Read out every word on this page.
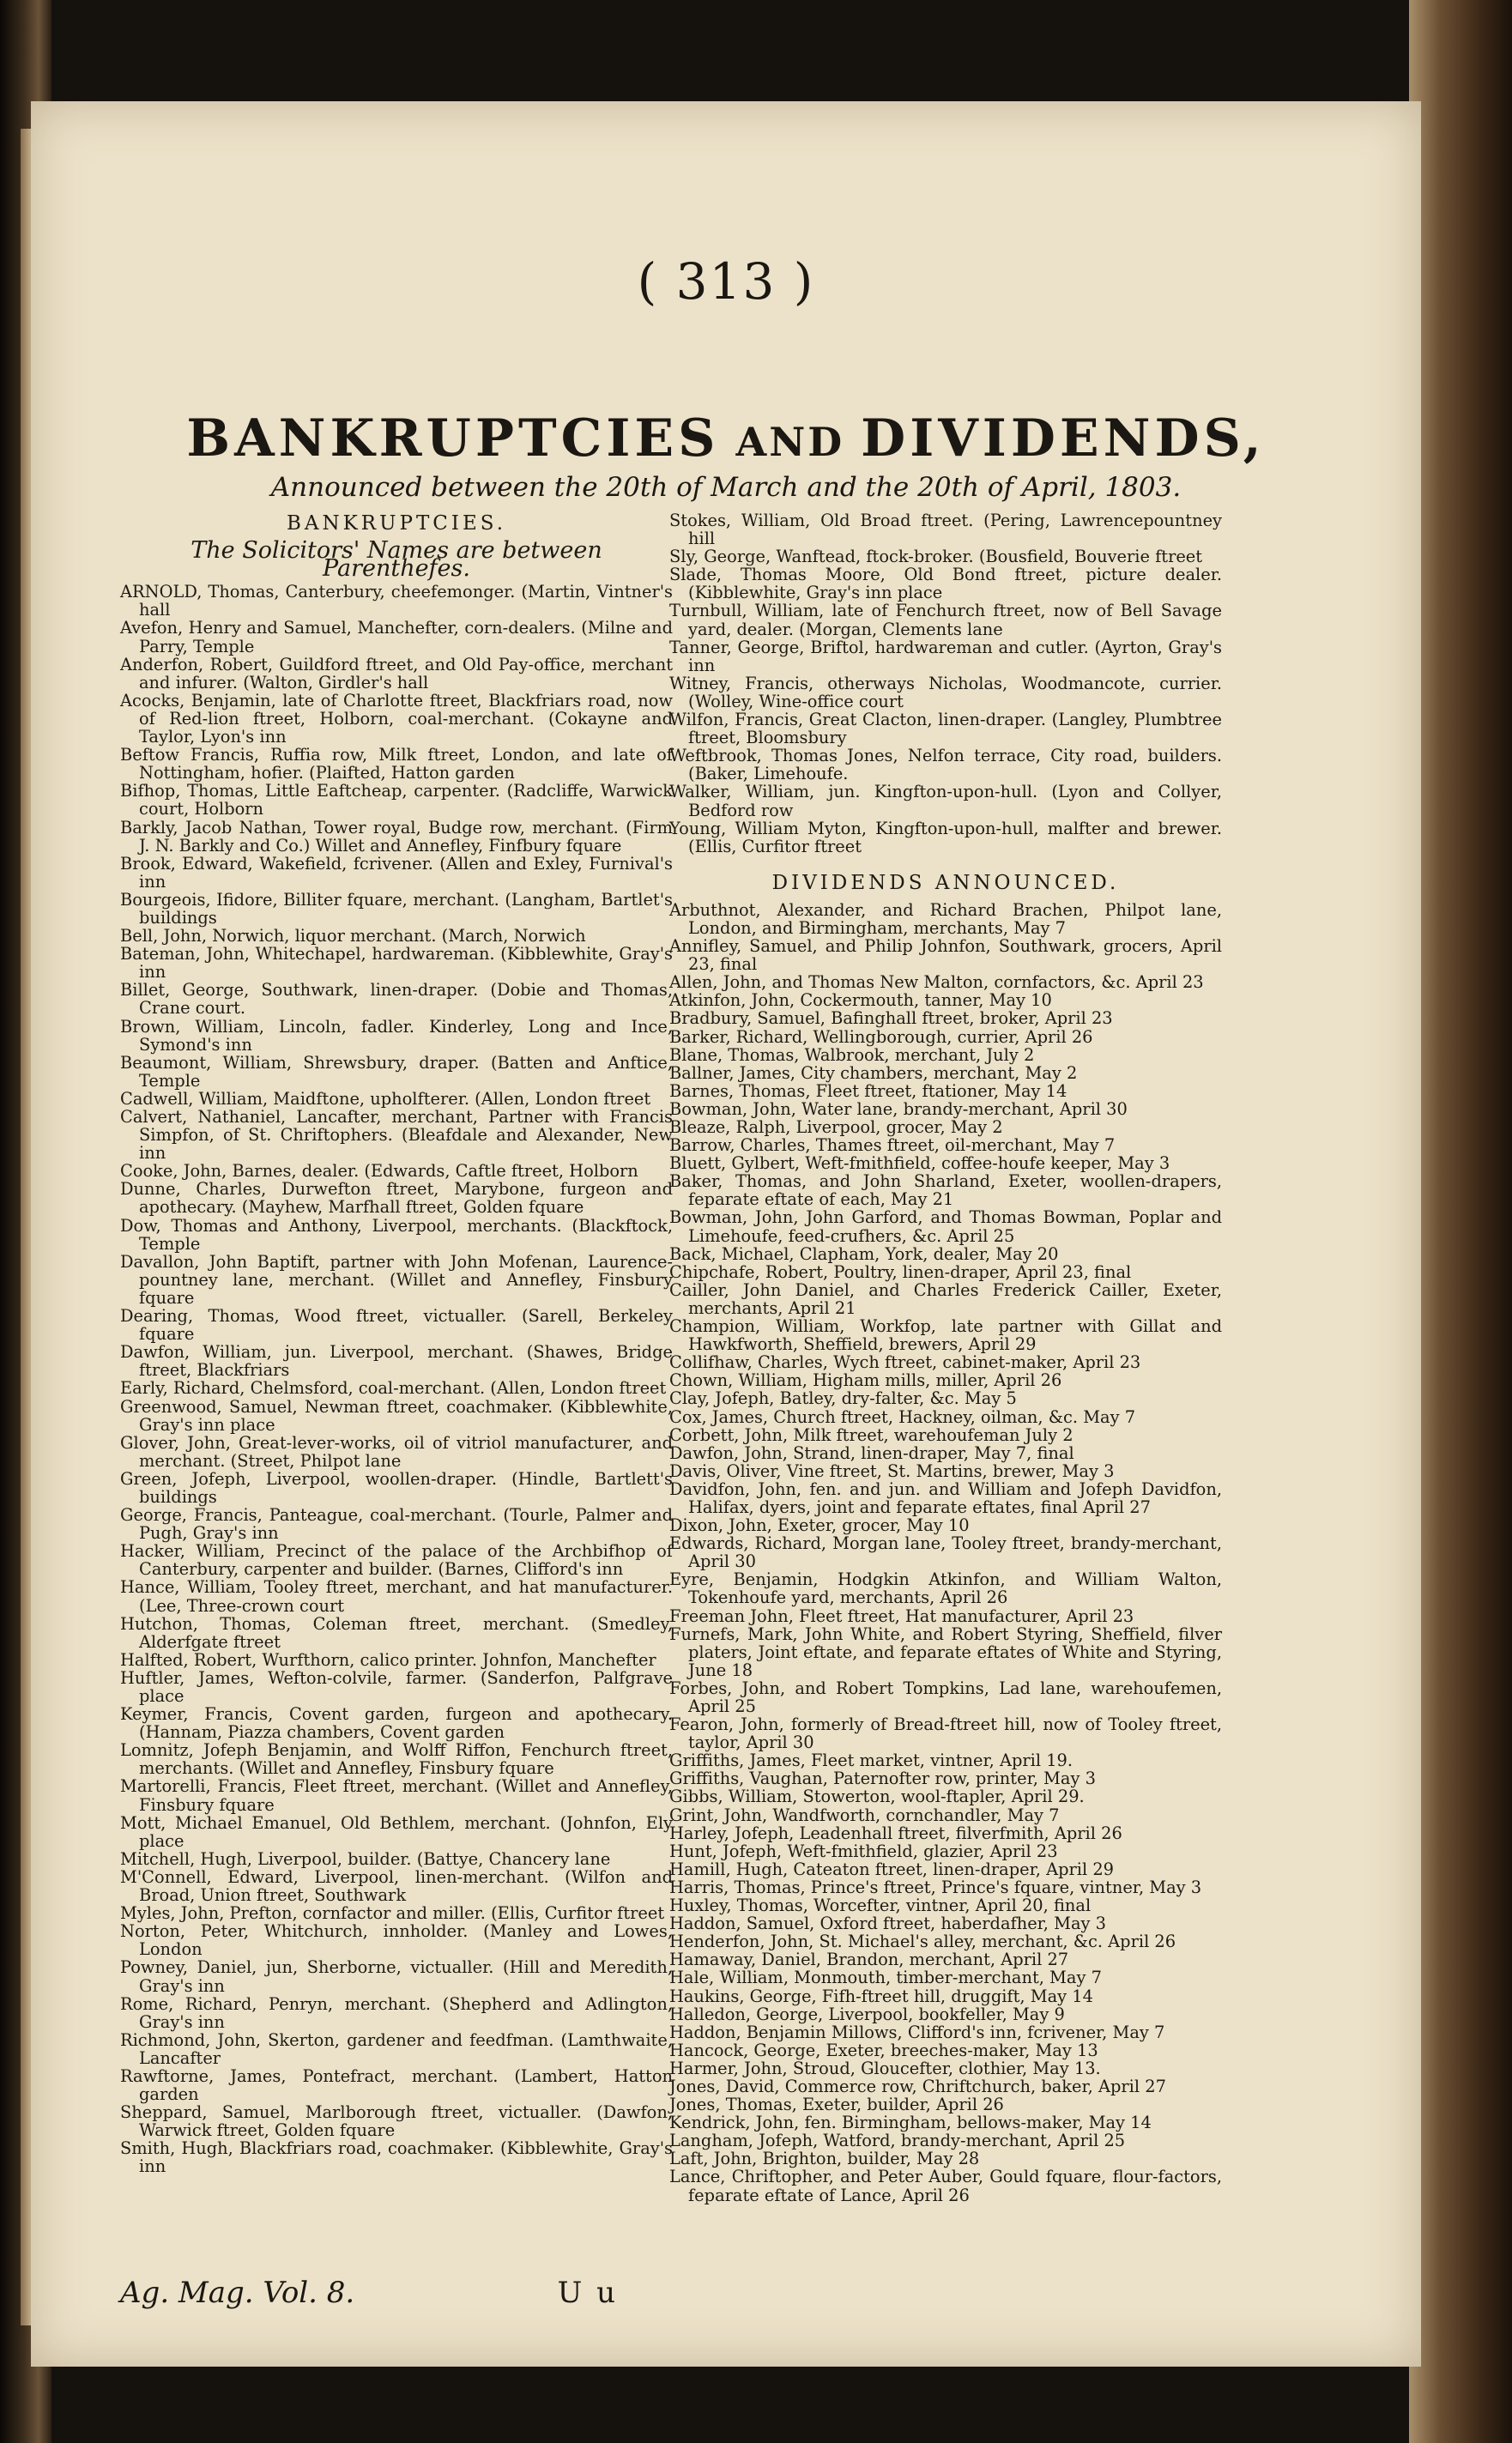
( 313 )
BANKRUPTCIES AND DIVIDENDS,
Announced between the 20th of March and the 20th of April, 1803.
BANKRUPTCIES.
The Solicitors' Names are between Parenthefes.
ARNOLD, Thomas, Canterbury, cheefemonger. (Martin, Vintner's hall
Avefon, Henry and Samuel, Manchefter, corn-dealers. (Milne and Parry, Temple
Anderfon, Robert, Guildford ftreet, and Old Pay-office, merchant and infurer. (Walton, Girdler's hall
Acocks, Benjamin, late of Charlotte ftreet, Blackfriars road, now of Red-lion ftreet, Holborn, coal-merchant. (Cokayne and Taylor, Lyon's inn
Beftow Francis, Ruffia row, Milk ftreet, London, and late of Nottingham, hofier. (Plaifted, Hatton garden
Bifhop, Thomas, Little Eaftcheap, carpenter. (Radcliffe, Warwick court, Holborn
Barkly, Jacob Nathan, Tower royal, Budge row, merchant. (Firm J. N. Barkly and Co.) Willet and Annefley, Finfbury fquare
Brook, Edward, Wakefield, fcrivener. (Allen and Exley, Furnival's inn
Bourgeois, Ifidore, Billiter fquare, merchant. (Langham, Bartlet's buildings
Bell, John, Norwich, liquor merchant. (March, Norwich
Bateman, John, Whitechapel, hardwareman. (Kibblewhite, Gray's inn
Billet, George, Southwark, linen-draper. (Dobie and Thomas, Crane court.
Brown, William, Lincoln, fadler. Kinderley, Long and Ince, Symond's inn
Beaumont, William, Shrewsbury, draper. (Batten and Anftice, Temple
Cadwell, William, Maidftone, upholfterer. (Allen, London ftreet
Calvert, Nathaniel, Lancafter, merchant, Partner with Francis Simpfon, of St. Chriftophers. (Bleafdale and Alexander, New inn
Cooke, John, Barnes, dealer. (Edwards, Caftle ftreet, Holborn
Dunne, Charles, Durwefton ftreet, Marybone, furgeon and apothecary. (Mayhew, Marfhall ftreet, Golden fquare
Dow, Thomas and Anthony, Liverpool, merchants. (Blackftock, Temple
Davallon, John Baptift, partner with John Mofenan, Laurence-pountney lane, merchant. (Willet and Annefley, Finsbury fquare
Dearing, Thomas, Wood ftreet, victualler. (Sarell, Berkeley fquare
Dawfon, William, jun. Liverpool, merchant. (Shawes, Bridge ftreet, Blackfriars
Early, Richard, Chelmsford, coal-merchant. (Allen, London ftreet
Greenwood, Samuel, Newman ftreet, coachmaker. (Kibblewhite, Gray's inn place
Glover, John, Great-lever-works, oil of vitriol manufacturer, and merchant. (Street, Philpot lane
Green, Jofeph, Liverpool, woollen-draper. (Hindle, Bartlett's buildings
George, Francis, Panteague, coal-merchant. (Tourle, Palmer and Pugh, Gray's inn
Hacker, William, Precinct of the palace of the Archbifhop of Canterbury, carpenter and builder. (Barnes, Clifford's inn
Hance, William, Tooley ftreet, merchant, and hat manufacturer. (Lee, Three-crown court
Hutchon, Thomas, Coleman ftreet, merchant. (Smedley, Alderfgate ftreet
Halfted, Robert, Wurfthorn, calico printer. Johnfon, Manchefter
Huftler, James, Wefton-colvile, farmer. (Sanderfon, Palfgrave place
Keymer, Francis, Covent garden, furgeon and apothecary. (Hannam, Piazza chambers, Covent garden
Lomnitz, Jofeph Benjamin, and Wolff Riffon, Fenchurch ftreet, merchants. (Willet and Annefley, Finsbury fquare
Martorelli, Francis, Fleet ftreet, merchant. (Willet and Annefley, Finsbury fquare
Mott, Michael Emanuel, Old Bethlem, merchant. (Johnfon, Ely place
Mitchell, Hugh, Liverpool, builder. (Battye, Chancery lane
M'Connell, Edward, Liverpool, linen-merchant. (Wilfon and Broad, Union ftreet, Southwark
Myles, John, Prefton, cornfactor and miller. (Ellis, Curfitor ftreet
Norton, Peter, Whitchurch, innholder. (Manley and Lowes, London
Powney, Daniel, jun, Sherborne, victualler. (Hill and Meredith, Gray's inn
Rome, Richard, Penryn, merchant. (Shepherd and Adlington, Gray's inn
Richmond, John, Skerton, gardener and feedfman. (Lamthwaite, Lancafter
Rawftorne, James, Pontefract, merchant. (Lambert, Hatton garden
Sheppard, Samuel, Marlborough ftreet, victualler. (Dawfon, Warwick ftreet, Golden fquare
Smith, Hugh, Blackfriars road, coachmaker. (Kibblewhite, Gray's inn
Stokes, William, Old Broad ftreet. (Pering, Lawrencepountney hill
Sly, George, Wanftead, ftock-broker. (Bousfield, Bouverie ftreet
Slade, Thomas Moore, Old Bond ftreet, picture dealer. (Kibblewhite, Gray's inn place
Turnbull, William, late of Fenchurch ftreet, now of Bell Savage yard, dealer. (Morgan, Clements lane
Tanner, George, Briftol, hardwareman and cutler. (Ayrton, Gray's inn
Witney, Francis, otherways Nicholas, Woodmancote, currier. (Wolley, Wine-office court
Wilfon, Francis, Great Clacton, linen-draper. (Langley, Plumbtree ftreet, Bloomsbury
Weftbrook, Thomas Jones, Nelfon terrace, City road, builders. (Baker, Limehoufe.
Walker, William, jun. Kingfton-upon-hull. (Lyon and Collyer, Bedford row
Young, William Myton, Kingfton-upon-hull, malfter and brewer. (Ellis, Curfitor ftreet
DIVIDENDS ANNOUNCED.
Arbuthnot, Alexander, and Richard Brachen, Philpot lane, London, and Birmingham, merchants, May 7
Annifley, Samuel, and Philip Johnfon, Southwark, grocers, April 23, final
Allen, John, and Thomas New Malton, cornfactors, &c. April 23
Atkinfon, John, Cockermouth, tanner, May 10
Bradbury, Samuel, Bafinghall ftreet, broker, April 23
Barker, Richard, Wellingborough, currier, April 26
Blane, Thomas, Walbrook, merchant, July 2
Ballner, James, City chambers, merchant, May 2
Barnes, Thomas, Fleet ftreet, ftationer, May 14
Bowman, John, Water lane, brandy-merchant, April 30
Bleaze, Ralph, Liverpool, grocer, May 2
Barrow, Charles, Thames ftreet, oil-merchant, May 7
Bluett, Gylbert, Weft-fmithfield, coffee-houfe keeper, May 3
Baker, Thomas, and John Sharland, Exeter, woollen-drapers, feparate eftate of each, May 21
Bowman, John, John Garford, and Thomas Bowman, Poplar and Limehoufe, feed-crufhers, &c. April 25
Back, Michael, Clapham, York, dealer, May 20
Chipchafe, Robert, Poultry, linen-draper, April 23, final
Cailler, John Daniel, and Charles Frederick Cailler, Exeter, merchants, April 21
Champion, William, Workfop, late partner with Gillat and Hawkfworth, Sheffield, brewers, April 29
Collifhaw, Charles, Wych ftreet, cabinet-maker, April 23
Chown, William, Higham mills, miller, April 26
Clay, Jofeph, Batley, dry-falter, &c. May 5
Cox, James, Church ftreet, Hackney, oilman, &c. May 7
Corbett, John, Milk ftreet, warehoufeman July 2
Dawfon, John, Strand, linen-draper, May 7, final
Davis, Oliver, Vine ftreet, St. Martins, brewer, May 3
Davidfon, John, fen. and jun. and William and Jofeph Davidfon, Halifax, dyers, joint and feparate eftates, final April 27
Dixon, John, Exeter, grocer, May 10
Edwards, Richard, Morgan lane, Tooley ftreet, brandy-merchant, April 30
Eyre, Benjamin, Hodgkin Atkinfon, and William Walton, Tokenhoufe yard, merchants, April 26
Freeman John, Fleet ftreet, Hat manufacturer, April 23
Furnefs, Mark, John White, and Robert Styring, Sheffield, filver platers, Joint eftate, and feparate eftates of White and Styring, June 18
Forbes, John, and Robert Tompkins, Lad lane, warehoufemen, April 25
Fearon, John, formerly of Bread-ftreet hill, now of Tooley ftreet, taylor, April 30
Griffiths, James, Fleet market, vintner, April 19.
Griffiths, Vaughan, Paternofter row, printer, May 3
Gibbs, William, Stowerton, wool-ftapler, April 29.
Grint, John, Wandfworth, cornchandler, May 7
Harley, Jofeph, Leadenhall ftreet, filverfmith, April 26
Hunt, Jofeph, Weft-fmithfield, glazier, April 23
Hamill, Hugh, Cateaton ftreet, linen-draper, April 29
Harris, Thomas, Prince's ftreet, Prince's fquare, vintner, May 3
Huxley, Thomas, Worcefter, vintner, April 20, final
Haddon, Samuel, Oxford ftreet, haberdafher, May 3
Henderfon, John, St. Michael's alley, merchant, &c. April 26
Hamaway, Daniel, Brandon, merchant, April 27
Hale, William, Monmouth, timber-merchant, May 7
Haukins, George, Fifh-ftreet hill, druggift, May 14
Halledon, George, Liverpool, bookfeller, May 9
Haddon, Benjamin Millows, Clifford's inn, fcrivener, May 7
Hancock, George, Exeter, breeches-maker, May 13
Harmer, John, Stroud, Gloucefter, clothier, May 13.
Jones, David, Commerce row, Chriftchurch, baker, April 27
Jones, Thomas, Exeter, builder, April 26
Kendrick, John, fen. Birmingham, bellows-maker, May 14
Langham, Jofeph, Watford, brandy-merchant, April 25
Laft, John, Brighton, builder, May 28
Lance, Chriftopher, and Peter Auber, Gould fquare, flour-factors, feparate eftate of Lance, April 26
Ag. Mag. Vol. 8.	U u
